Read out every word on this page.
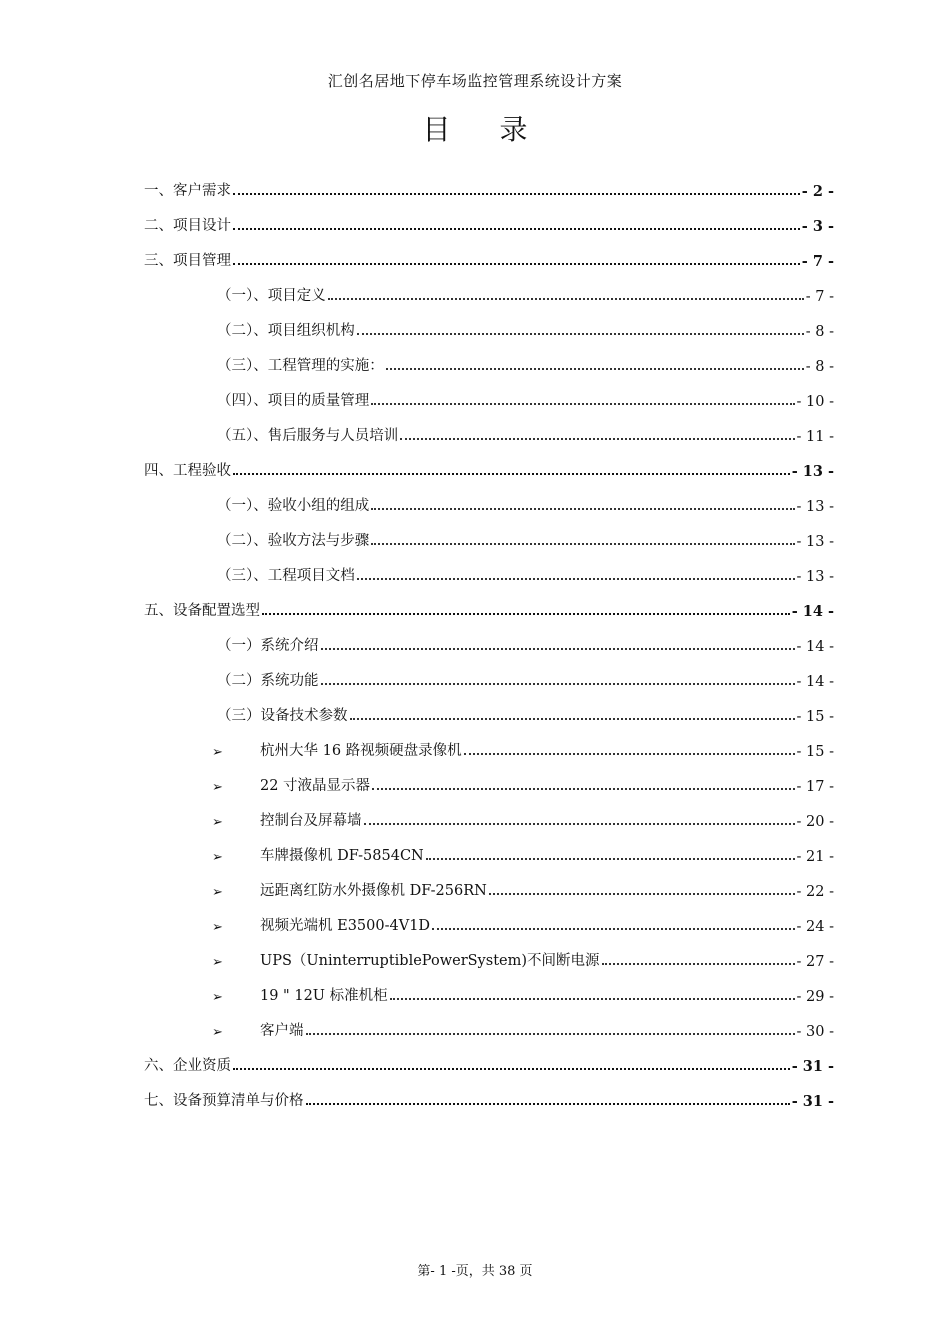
汇创名居地下停车场监控管理系统设计方案
目 录
一、客户需求	- 2 -
二、项目设计	- 3 -
三、项目管理	- 7 -
（一）、项目定义	- 7 -
（二）、项目组织机构	- 8 -
（三）、工程管理的实施：	- 8 -
（四）、项目的质量管理	- 10 -
（五）、售后服务与人员培训	- 11 -
四、工程验收	- 13 -
（一）、验收小组的组成	- 13 -
（二）、验收方法与步骤	- 13 -
（三）、工程项目文档	- 13 -
五、设备配置选型	- 14 -
（一）系统介绍	- 14 -
（二）系统功能	- 14 -
（三）设备技术参数	- 15 -
➢	杭州大华 16 路视频硬盘录像机	- 15 -
➢	22 寸液晶显示器	- 17 -
➢	控制台及屏幕墙	- 20 -
➢	车牌摄像机 DF-5854CN	- 21 -
➢	远距离红防水外摄像机 DF-256RN	- 22 -
➢	视频光端机 E3500-4V1D	- 24 -
➢	UPS（UninterruptiblePowerSystem)不间断电源	- 27 -
➢	19 " 12U 标准机柜	- 29 -
➢	客户端	- 30 -
六、企业资质	- 31 -
七、设备预算清单与价格	- 31 -
第- 1 -页，共 38 页
